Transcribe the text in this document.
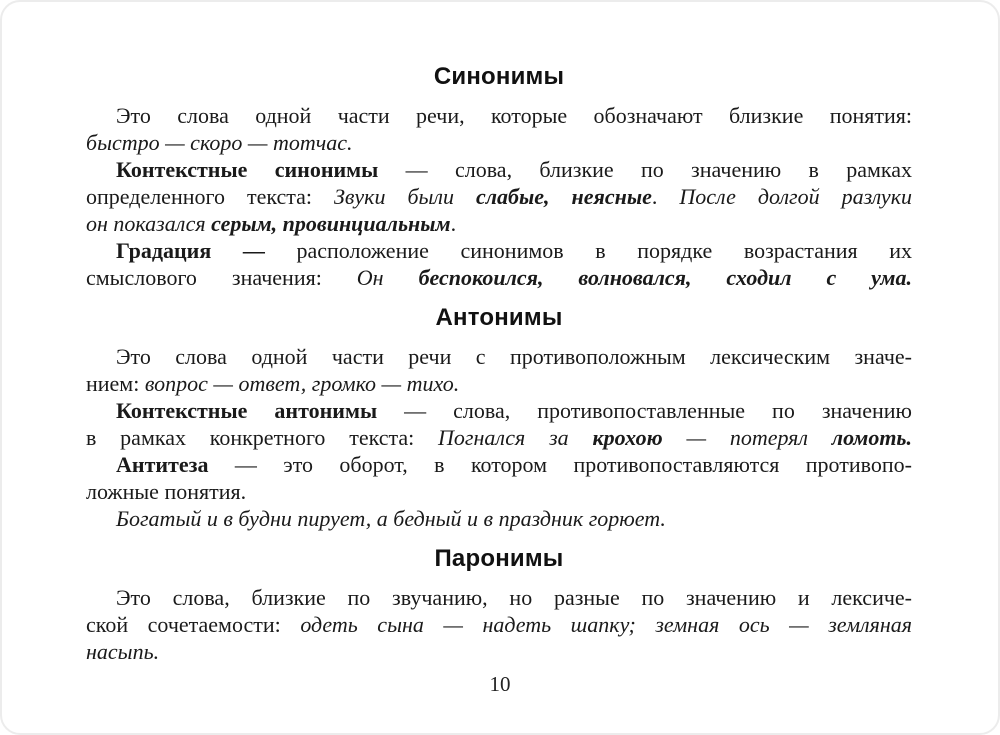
Синонимы

Это слова одной части речи, которые обозначают близкие понятия:
быстро — скоро — тотчас.

Контекстные синонимы — слова, близкие по значению в рамках
определенного текста: Звуки были слабые, неясные. После долгой разлуки
он показался серым, провинциальным.

Градация — расположение синонимов в порядке возрастания их
смыслового значения: Он беспокоился, волновался, сходил с ума.

Антонимы

Это слова одной части речи с противоположным лексическим значе-
нием: вопрос — ответ, громко — тихо.

Контекстные антонимы — слова, противопоставленные по значению
в рамках конкретного текста: Погнался за крохою — потерял ломоть.

Антитеза — это оборот, в котором противопоставляются противопо-
ложные понятия.

Богатый и в будни пирует, а бедный и в праздник горюет.

Паронимы

Это слова, близкие по звучанию, но разные по значению и лексиче-
ской сочетаемости: одеть сына — надеть шапку; земная ось — земляная
насыпь.

10
